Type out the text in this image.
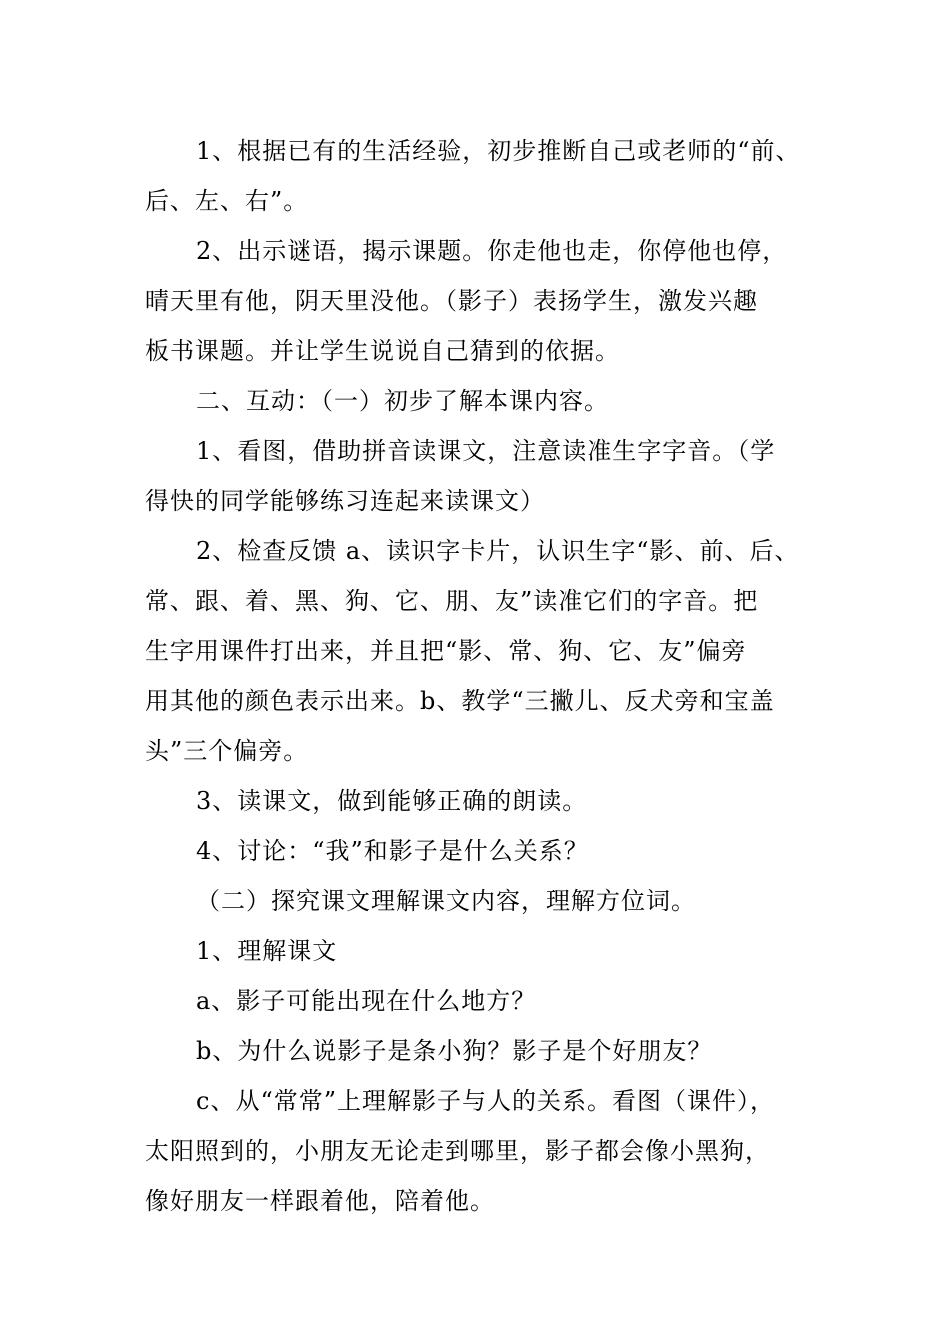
1、根据已有的生活经验，初步推断自己或老师的“前、
后、左、右”。
2、出示谜语，揭示课题。你走他也走，你停他也停，
晴天里有他，阴天里没他。（影子）表扬学生，激发兴趣
板书课题。并让学生说说自己猜到的依据。
二、互动：（一）初步了解本课内容。
1、看图，借助拼音读课文，注意读准生字字音。（学
得快的同学能够练习连起来读课文）
2、检查反馈 a、读识字卡片，认识生字“影、前、后、
常、跟、着、黑、狗、它、朋、友”读准它们的字音。把
生字用课件打出来，并且把“影、常、狗、它、友”偏旁
用其他的颜色表示出来。b、教学“三撇儿、反犬旁和宝盖
头”三个偏旁。
3、读课文，做到能够正确的朗读。
4、讨论：“我”和影子是什么关系？
（二）探究课文理解课文内容，理解方位词。
1、理解课文
a、影子可能出现在什么地方？
b、为什么说影子是条小狗？影子是个好朋友？
c、从“常常”上理解影子与人的关系。看图（课件），
太阳照到的，小朋友无论走到哪里，影子都会像小黑狗，
像好朋友一样跟着他，陪着他。
